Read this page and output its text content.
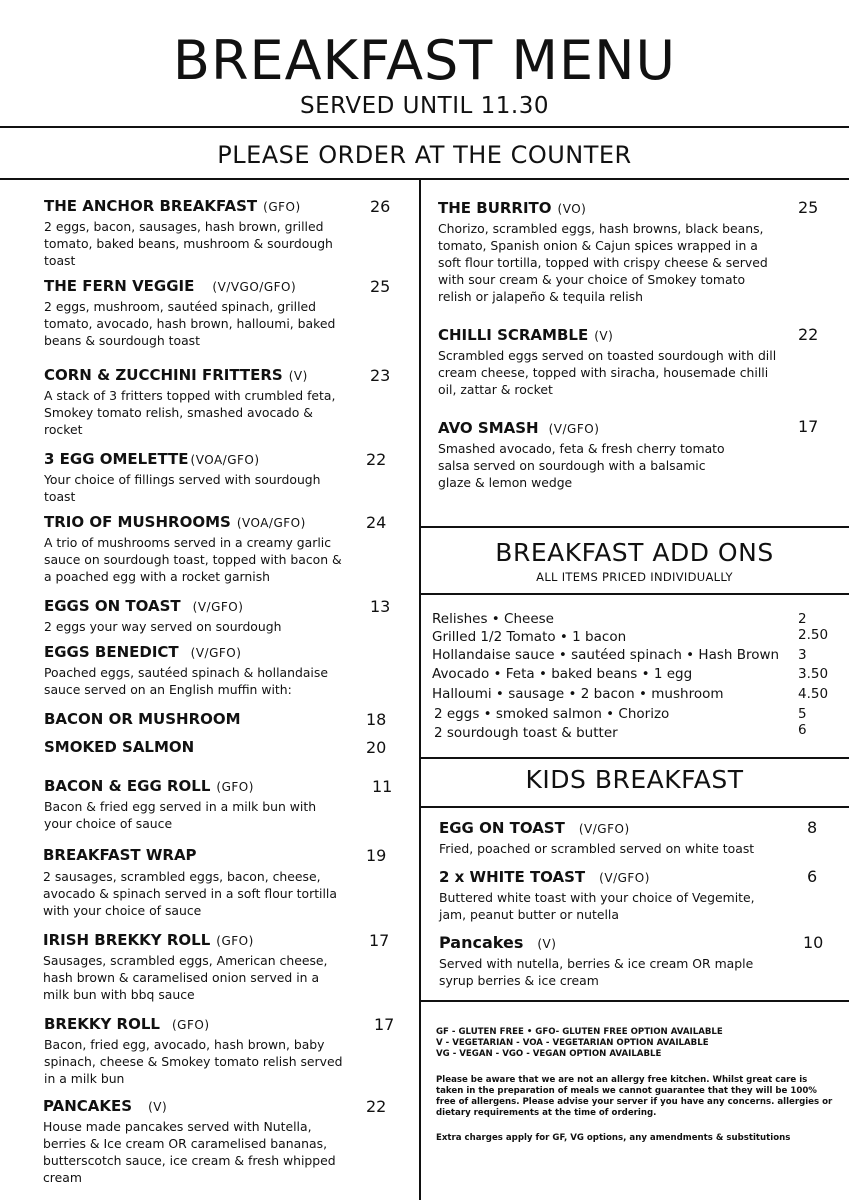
BREAKFAST MENU
SERVED UNTIL 11.30
PLEASE ORDER AT THE COUNTER
THE ANCHOR BREAKFAST (GFO)
2 eggs, bacon, sausages, hash brown, grilled tomato, baked beans, mushroom & sourdough toast
26
THE FERN VEGGIE (V/VGO/GFO)
2 eggs, mushroom, sautéed spinach, grilled tomato, avocado, hash brown, halloumi, baked beans & sourdough toast
25
CORN & ZUCCHINI FRITTERS (V)
A stack of 3 fritters topped with crumbled feta, Smokey tomato relish, smashed avocado & rocket
23
3 EGG OMELETTE (VOA/GFO)
Your choice of fillings served with sourdough toast
22
TRIO OF MUSHROOMS (VOA/GFO)
A trio of mushrooms served in a creamy garlic sauce on sourdough toast, topped with bacon & a poached egg with a rocket garnish
24
EGGS ON TOAST (V/GFO)
2 eggs your way served on sourdough
13
EGGS BENEDICT (V/GFO)
Poached eggs, sautéed spinach & hollandaise sauce served on an English muffin with:
BACON OR MUSHROOM	18
SMOKED SALMON	20
BACON & EGG ROLL (GFO)
Bacon & fried egg served in a milk bun with your choice of sauce
11
BREAKFAST WRAP
2 sausages, scrambled eggs, bacon, cheese, avocado & spinach served in a soft flour tortilla with your choice of sauce
19
IRISH BREKKY ROLL (GFO)
Sausages, scrambled eggs, American cheese, hash brown & caramelised onion served in a milk bun with bbq sauce
17
BREKKY ROLL (GFO)
Bacon, fried egg, avocado, hash brown, baby spinach, cheese & Smokey tomato relish served in a milk bun
17
PANCAKES (V)
House made pancakes served with Nutella, berries & Ice cream OR caramelised bananas, butterscotch sauce, ice cream & fresh whipped cream
22
THE BURRITO (VO)
Chorizo, scrambled eggs, hash browns, black beans, tomato, Spanish onion & Cajun spices wrapped in a soft flour tortilla, topped with crispy cheese & served with sour cream & your choice of Smokey tomato relish or jalapeño & tequila relish
25
CHILLI SCRAMBLE (V)
Scrambled eggs served on toasted sourdough with dill cream cheese, topped with siracha, housemade chilli oil, zattar & rocket
22
AVO SMASH (V/GFO)
Smashed avocado, feta & fresh cherry tomato salsa served on sourdough with a balsamic glaze & lemon wedge
17
BREAKFAST ADD ONS
ALL ITEMS PRICED INDIVIDUALLY
Relishes • Cheese	2
Grilled 1/2 Tomato • 1 bacon	2.50
Hollandaise sauce • sautéed spinach • Hash Brown 3
Avocado • Feta • baked beans • 1 egg	3.50
Halloumi • sausage • 2 bacon • mushroom	4.50
2 eggs • smoked salmon • Chorizo	5
2 sourdough toast & butter	6
KIDS BREAKFAST
EGG ON TOAST (V/GFO)
Fried, poached or scrambled served on white toast
8
2 x WHITE TOAST (V/GFO)
Buttered white toast with your choice of Vegemite, jam, peanut butter or nutella
6
Pancakes (V)
Served with nutella, berries & ice cream OR maple syrup berries & ice cream
10

GF - GLUTEN FREE • GFO- GLUTEN FREE OPTION AVAILABLE

V - VEGETARIAN - VOA - VEGETARIAN OPTION AVAILABLE

VG - VEGAN - VGO - VEGAN OPTION AVAILABLE

Please be aware that we are not an allergy free kitchen. Whilst great care is taken in the preparation of meals we cannot guarantee that they will be 100% free of allergens. Please advise your server if you have any concerns. allergies or dietary requirements at the time of ordering.
Extra charges apply for GF, VG options, any amendments & substitutions
